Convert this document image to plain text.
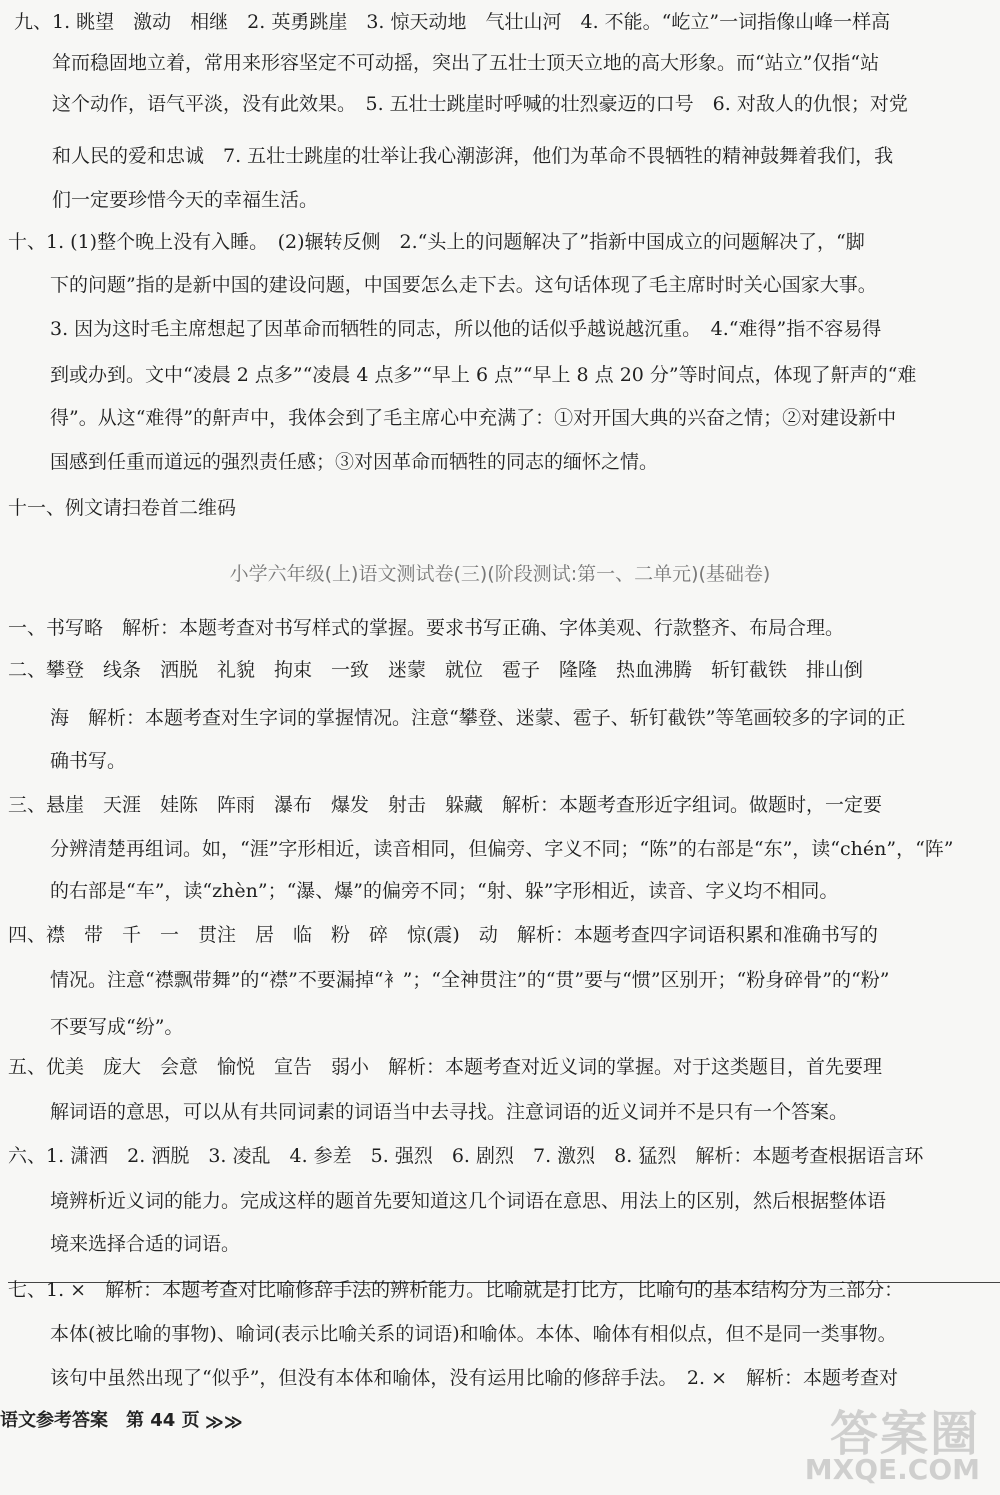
九、1. 眺望　激动　相继　2. 英勇跳崖　3. 惊天动地　气壮山河　4. 不能。“屹立”一词指像山峰一样高
耸而稳固地立着，常用来形容坚定不可动摇，突出了五壮士顶天立地的高大形象。而“站立”仅指“站
这个动作，语气平淡，没有此效果。　5. 五壮士跳崖时呼喊的壮烈豪迈的口号　6. 对敌人的仇恨；对党
和人民的爱和忠诚　7. 五壮士跳崖的壮举让我心潮澎湃，他们为革命不畏牺牲的精神鼓舞着我们，我
们一定要珍惜今天的幸福生活。
十、1. (1)整个晚上没有入睡。　(2)辗转反侧　2.“头上的问题解决了”指新中国成立的问题解决了，“脚
下的问题”指的是新中国的建设问题，中国要怎么走下去。这句话体现了毛主席时时关心国家大事。
3. 因为这时毛主席想起了因革命而牺牲的同志，所以他的话似乎越说越沉重。　4.“难得”指不容易得
到或办到。文中“凌晨 2 点多”“凌晨 4 点多”“早上 6 点”“早上 8 点 20 分”等时间点，体现了鼾声的“难
得”。从这“难得”的鼾声中，我体会到了毛主席心中充满了：①对开国大典的兴奋之情；②对建设新中
国感到任重而道远的强烈责任感；③对因革命而牺牲的同志的缅怀之情。
十一、例文请扫卷首二维码
小学六年级(上)语文测试卷(三)(阶段测试:第一、二单元)(基础卷)
一、书写略　解析：本题考查对书写样式的掌握。要求书写正确、字体美观、行款整齐、布局合理。
二、攀登　线条　洒脱　礼貌　拘束　一致　迷蒙　就位　雹子　隆隆　热血沸腾　斩钉截铁　排山倒
海　解析：本题考查对生字词的掌握情况。注意“攀登、迷蒙、雹子、斩钉截铁”等笔画较多的字词的正
确书写。
三、悬崖　天涯　娃陈　阵雨　瀑布　爆发　射击　躲藏　解析：本题考查形近字组词。做题时，一定要
分辨清楚再组词。如，“涯”字形相近，读音相同，但偏旁、字义不同；“陈”的右部是“东”，读“chén”，“阵”
的右部是“车”，读“zhèn”；“瀑、爆”的偏旁不同；“射、躲”字形相近，读音、字义均不相同。
四、襟　带　千　一　贯注　居　临　粉　碎　惊(震)　动　解析：本题考查四字词语积累和准确书写的
情况。注意“襟飘带舞”的“襟”不要漏掉“衤”；“全神贯注”的“贯”要与“惯”区别开；“粉身碎骨”的“粉”
不要写成“纷”。
五、优美　庞大　会意　愉悦　宣告　弱小　解析：本题考查对近义词的掌握。对于这类题目，首先要理
解词语的意思，可以从有共同词素的词语当中去寻找。注意词语的近义词并不是只有一个答案。
六、1. 潇洒　2. 洒脱　3. 凌乱　4. 参差　5. 强烈　6. 剧烈　7. 激烈　8. 猛烈　解析：本题考查根据语言环
境辨析近义词的能力。完成这样的题首先要知道这几个词语在意思、用法上的区别，然后根据整体语
境来选择合适的词语。
七、1. ×　解析：本题考查对比喻修辞手法的辨析能力。比喻就是打比方，比喻句的基本结构分为三部分：
本体(被比喻的事物)、喻词(表示比喻关系的词语)和喻体。本体、喻体有相似点，但不是同一类事物。
该句中虽然出现了“似乎”，但没有本体和喻体，没有运用比喻的修辞手法。　2. ×　解析：本题考查对
语文参考答案　第 44 页 ≫≫	答案圈
MXQE.COM
